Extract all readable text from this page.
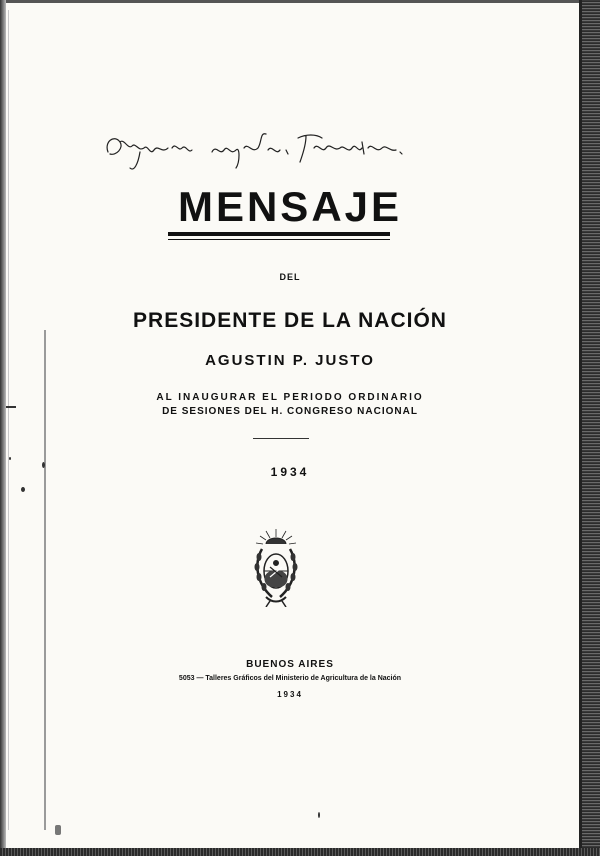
MENSAJE
DEL
PRESIDENTE DE LA NACIÓN
AGUSTIN P. JUSTO
AL INAUGURAR EL PERIODO ORDINARIO
DE SESIONES DEL H. CONGRESO NACIONAL
1934
BUENOS AIRES
5053 — Talleres Gráficos del Ministerio de Agricultura de la Nación
1934
